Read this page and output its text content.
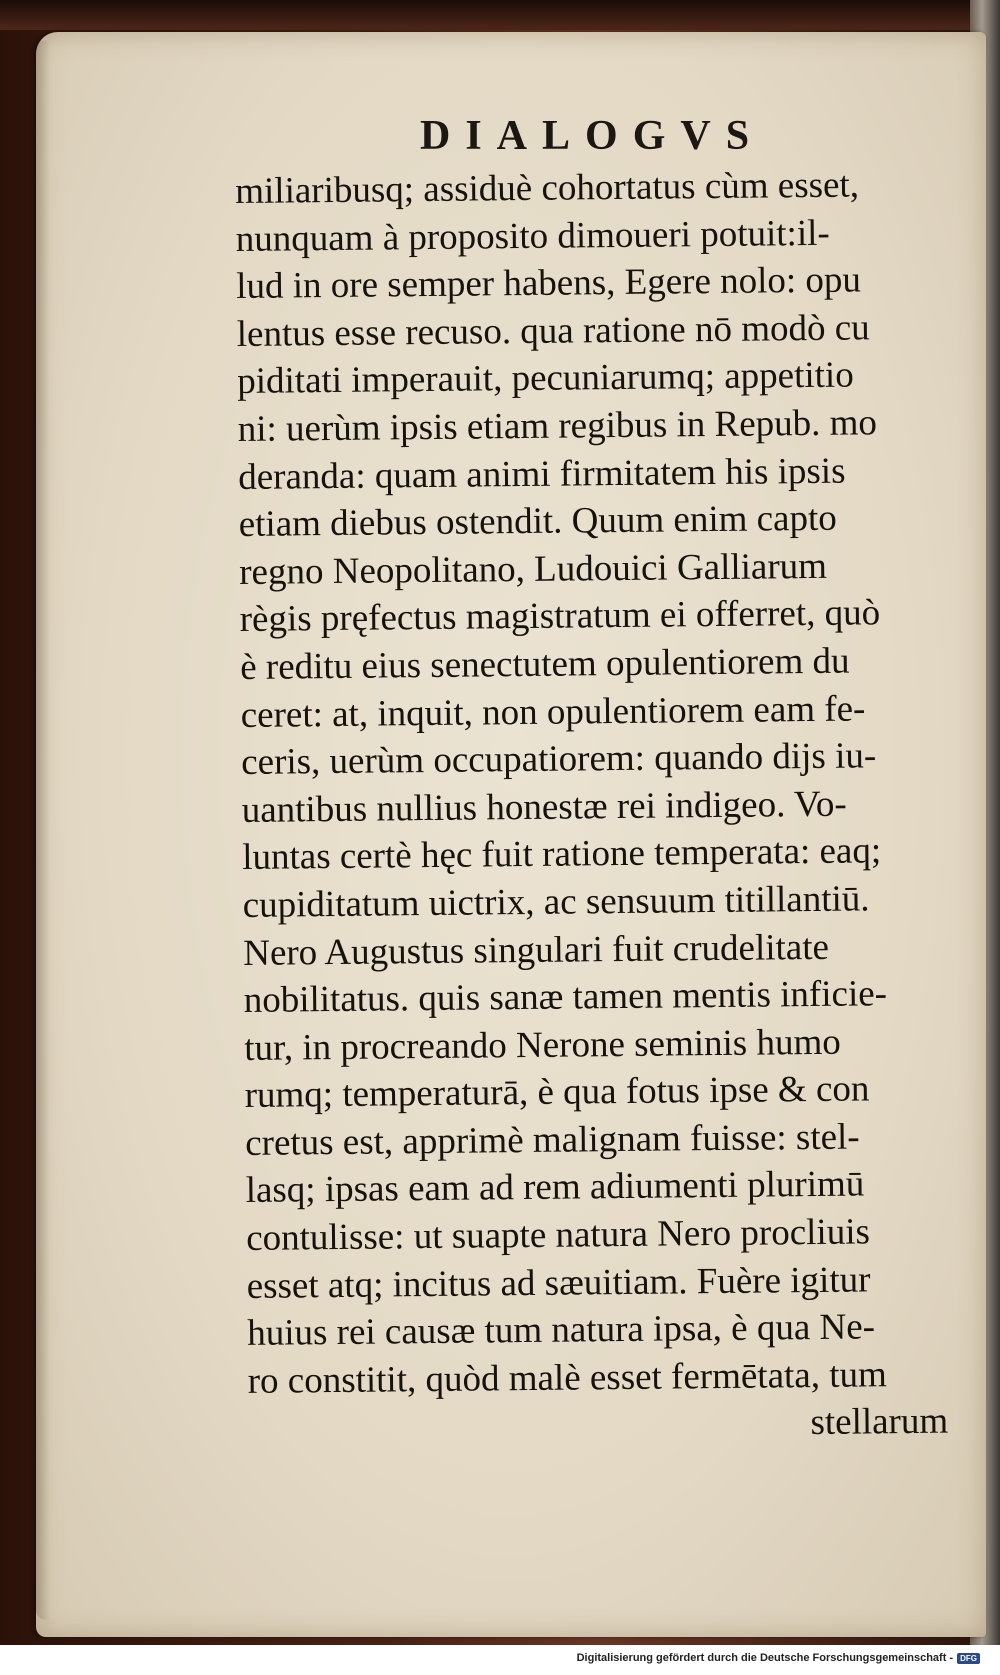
DIALOGVS
miliaribusq; assiduè cohortatus cùm esset,
nunquam à proposito dimoueri potuit:il-
lud in ore semper habens, Egere nolo: opu
lentus esse recuso. qua ratione nō modò cu
piditati imperauit, pecuniarumq; appetitio
ni: uerùm ipsis etiam regibus in Repub. mo
deranda: quam animi firmitatem his ipsis
etiam diebus ostendit. Quum enim capto
regno Neopolitano, Ludouici Galliarum
règis pręfectus magistratum ei offerret, quò
è reditu eius senectutem opulentiorem du
ceret: at, inquit, non opulentiorem eam fe-
ceris, uerùm occupatiorem: quando dijs iu-
uantibus nullius honestæ rei indigeo. Vo-
luntas certè hęc fuit ratione temperata: eaq;
cupiditatum uictrix, ac sensuum titillantiū.
Nero Augustus singulari fuit crudelitate
nobilitatus. quis sanæ tamen mentis inficie-
tur, in procreando Nerone seminis humo
rumq; temperaturā, è qua fotus ipse & con
cretus est, apprimè malignam fuisse: stel-
lasq; ipsas eam ad rem adiumenti plurimū
contulisse: ut suapte natura Nero procliuis
esset atq; incitus ad sæuitiam. Fuère igitur
huius rei causæ tum natura ipsa, è qua Ne-
ro constitit, quòd malè esset fermētata, tum
stellarum
Digitalisierung gefördert durch die Deutsche Forschungsgemeinschaft - DFG
